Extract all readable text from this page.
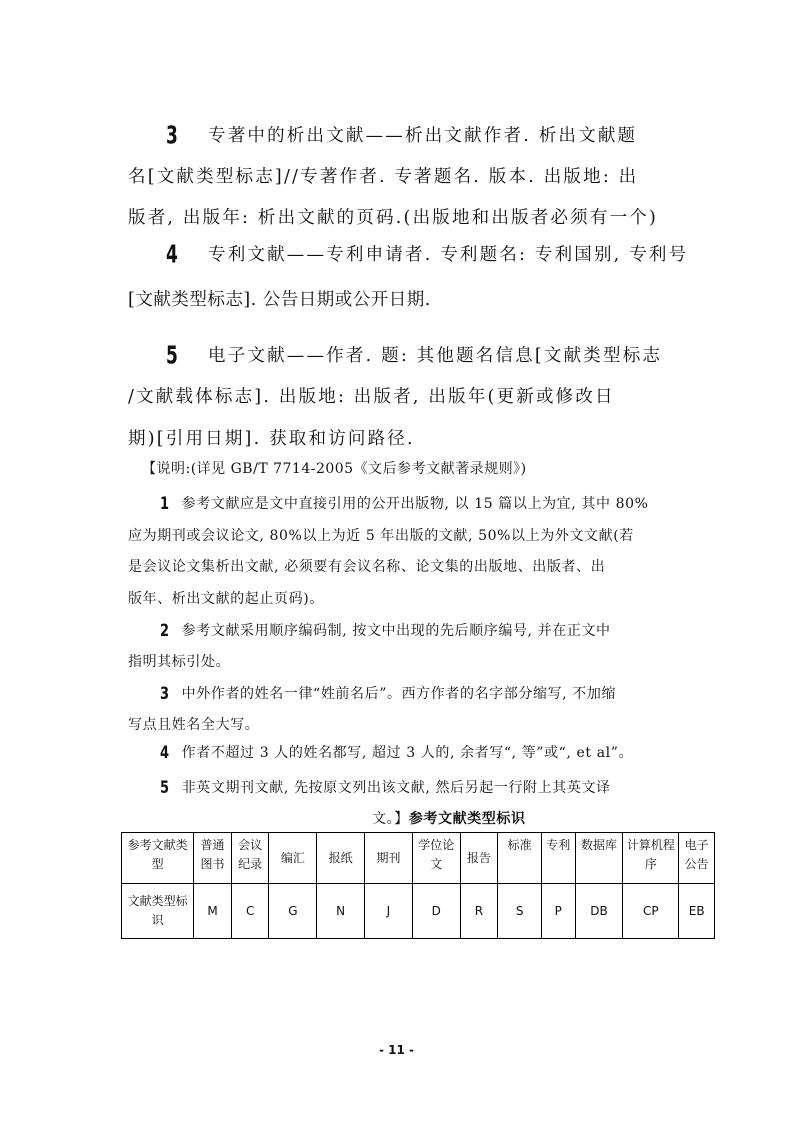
3 专著中的析出文献——析出文献作者. 析出文献题
名[文献类型标志]//专著作者. 专著题名. 版本. 出版地: 出
版者, 出版年: 析出文献的页码.(出版地和出版者必须有一个)
4 专利文献——专利申请者. 专利题名: 专利国别, 专利号
[文献类型标志]. 公告日期或公开日期.
5 电子文献——作者. 题: 其他题名信息[文献类型标志
/文献载体标志]. 出版地: 出版者, 出版年(更新或修改日
期)[引用日期]. 获取和访问路径.
【说明:(详见 GB/T 7714-2005《文后参考文献著录规则》)
1 参考文献应是文中直接引用的公开出版物, 以 15 篇以上为宜, 其中 80%
应为期刊或会议论文, 80%以上为近 5 年出版的文献, 50%以上为外文文献(若
是会议论文集析出文献, 必须要有会议名称、论文集的出版地、出版者、出
版年、析出文献的起止页码)。
2 参考文献采用顺序编码制, 按文中出现的先后顺序编号, 并在正文中
指明其标引处。
3 中外作者的姓名一律“姓前名后”。西方作者的名字部分缩写, 不加缩
写点且姓名全大写。
4 作者不超过 3 人的姓名都写, 超过 3 人的, 余者写“, 等”或“, et al”。
5 非英文期刊文献, 先按原文列出该文献, 然后另起一行附上其英文译
文。】参考文献类型标识
参考文献类型	普通图书	会议纪录	编汇	报纸	期刊	学位论文	报告	标准	专利	数据库	计算机程序	电子公告
文献类型标识	M	C	G	N	J	D	R	S	P	DB	CP	EB
- 11 -
